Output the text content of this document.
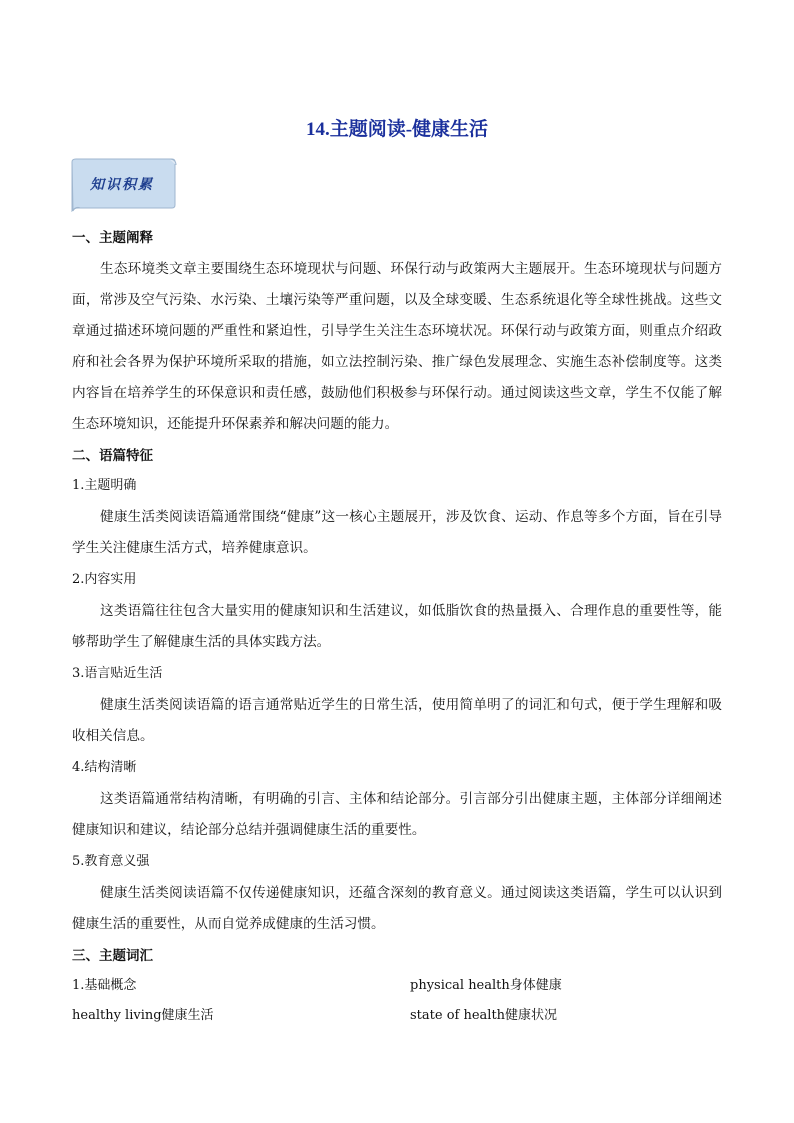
14.主题阅读-健康生活
知识积累

一、主题阐释

生态环境类文章主要围绕生态环境现状与问题、环保行动与政策两大主题展开。生态环境现状与问题方面，常涉及空气污染、水污染、土壤污染等严重问题，以及全球变暖、生态系统退化等全球性挑战。这些文章通过描述环境问题的严重性和紧迫性，引导学生关注生态环境状况。环保行动与政策方面，则重点介绍政府和社会各界为保护环境所采取的措施，如立法控制污染、推广绿色发展理念、实施生态补偿制度等。这类内容旨在培养学生的环保意识和责任感，鼓励他们积极参与环保行动。通过阅读这些文章，学生不仅能了解生态环境知识，还能提升环保素养和解决问题的能力。

二、语篇特征

1.主题明确

健康生活类阅读语篇通常围绕“健康”这一核心主题展开，涉及饮食、运动、作息等多个方面，旨在引导学生关注健康生活方式，培养健康意识。

2.内容实用

这类语篇往往包含大量实用的健康知识和生活建议，如低脂饮食的热量摄入、合理作息的重要性等，能够帮助学生了解健康生活的具体实践方法。

3.语言贴近生活

健康生活类阅读语篇的语言通常贴近学生的日常生活，使用简单明了的词汇和句式，便于学生理解和吸收相关信息。

4.结构清晰

这类语篇通常结构清晰，有明确的引言、主体和结论部分。引言部分引出健康主题，主体部分详细阐述健康知识和建议，结论部分总结并强调健康生活的重要性。

5.教育意义强

健康生活类阅读语篇不仅传递健康知识，还蕴含深刻的教育意义。通过阅读这类语篇，学生可以认识到健康生活的重要性，从而自觉养成健康的生活习惯。

三、主题词汇

1.基础概念	physical health身体健康
healthy living健康生活	state of health健康状况
